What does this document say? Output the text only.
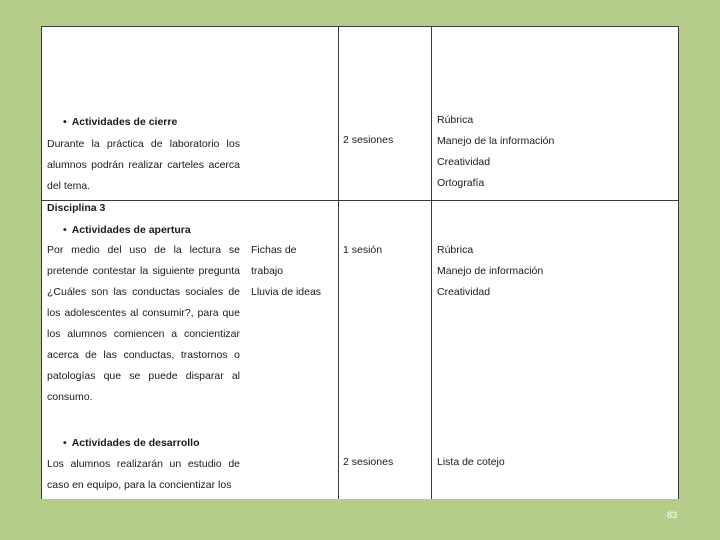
• Actividades de cierre
Durante la práctica de laboratorio los alumnos podrán realizar carteles acerca del tema.
2 sesiones
Rúbrica
Manejo de la información
Creatividad
Ortografía
Disciplina 3
• Actividades de apertura
Por medio del uso de la lectura se pretende contestar la siguiente pregunta ¿Cuáles son las conductas sociales de los adolescentes al consumir?, para que los alumnos comiencen a concientizar acerca de las conductas, trastornos o patologías que se puede disparar al consumo.
Fichas de
trabajo
Lluvia de ideas
1 sesión	Rúbrica
Manejo de información
Creatividad
• Actividades de desarrollo
Los alumnos realizarán un estudio de caso en equipo, para la concientizar los
2 sesiones	Lista de cotejo
83
